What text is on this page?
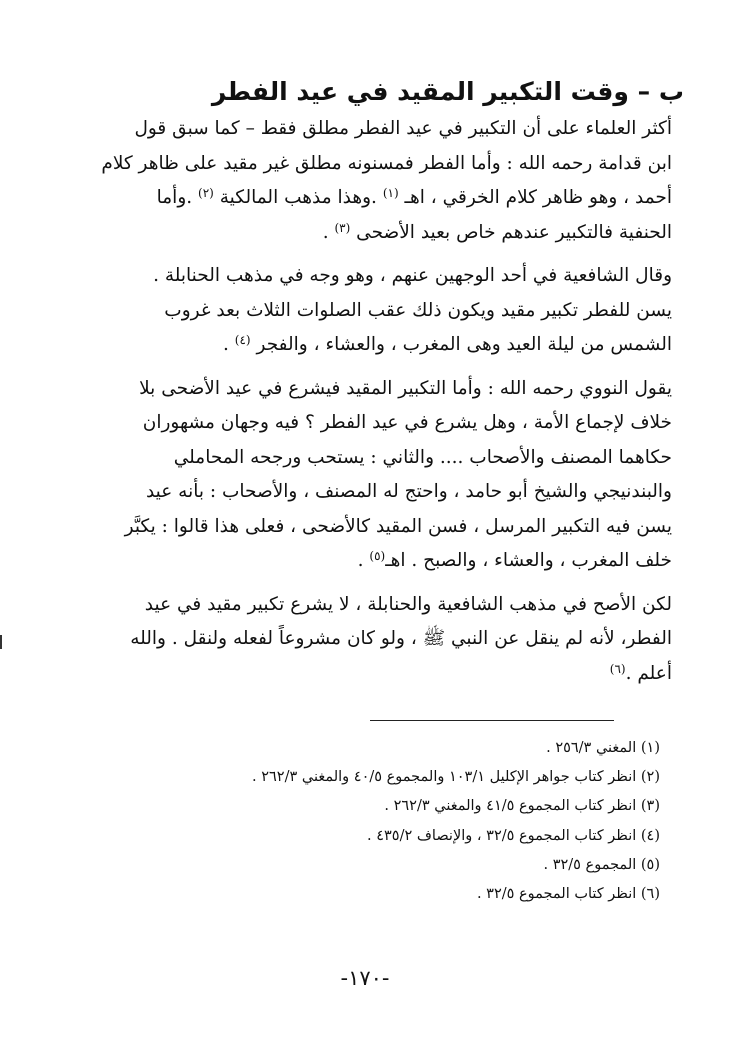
ب – وقت التكبير المقيد في عيد الفطر
أكثر العلماء على أن التكبير في عيد الفطر مطلق فقط – كما سبق قول
ابن قدامة رحمه الله : وأما الفطر فمسنونه مطلق غير مقيد على ظاهر كلام
أحمد ، وهو ظاهر كلام الخرقي ، اهـ $^{(١)}$ .وهذا مذهب المالكية $^{(٢)}$ .وأما
الحنفية فالتكبير عندهم خاص بعيد الأضحى $^{(٣)}$ .
وقال الشافعية في أحد الوجهين عنهم ، وهو وجه في مذهب الحنابلة .
يسن للفطر تكبير مقيد ويكون ذلك عقب الصلوات الثلاث بعد غروب
الشمس من ليلة العيد وهى المغرب ، والعشاء ، والفجر $^{(٤)}$ .
يقول النووي رحمه الله : وأما التكبير المقيد فيشرع في عيد الأضحى بلا
خلاف لإجماع الأمة ، وهل يشرع في عيد الفطر ؟ فيه وجهان مشهوران
حكاهما المصنف والأصحاب .... والثاني : يستحب ورجحه المحاملي
والبندنيجي والشيخ أبو حامد ، واحتج له المصنف ، والأصحاب : بأنه عيد
يسن فيه التكبير المرسل ، فسن المقيد كالأضحى ، فعلى هذا قالوا : يكبَّر
خلف المغرب ، والعشاء ، والصبح . اهـ$^{(٥)}$ .
لكن الأصح في مذهب الشافعية والحنابلة ، لا يشرع تكبير مقيد في عيد
الفطر، لأنه لم ينقل عن النبي ﷺ ، ولو كان مشروعاً لفعله ولنقل . والله
أعلم .$^{(٦)}$
(١) المغني ٢٥٦/٣ .
(٢) انظر كتاب جواهر الإكليل ١٠٣/١ والمجموع ٤٠/٥ والمغني ٢٦٢/٣ .
(٣) انظر كتاب المجموع ٤١/٥ والمغني ٢٦٢/٣ .
(٤) انظر كتاب المجموع ٣٢/٥ ، والإنصاف ٤٣٥/٢ .
(٥) المجموع ٣٢/٥ .
(٦) انظر كتاب المجموع ٣٢/٥ .
-١٧٠-
